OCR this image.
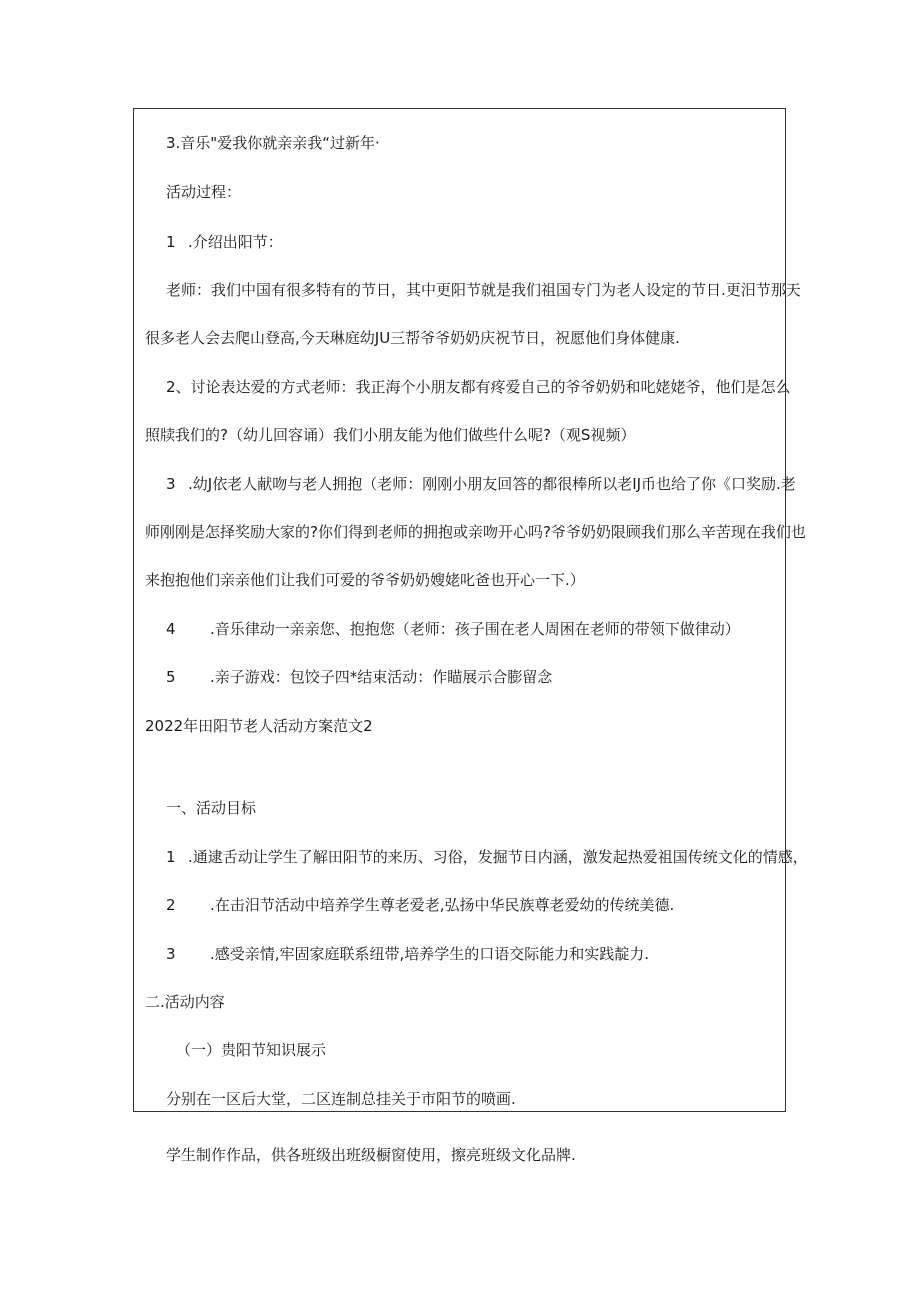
3.音乐"爱我你就亲亲我“过新年·
活动过程：
1 .介绍出阳节：
老师：我们中国有很多特有的节日，其中更阳节就是我们祖国专门为老人设定的节日.更汨节那天
很多老人会去爬山登高,今天琳庭幼JU三帮爷爷奶奶庆祝节日，祝愿他们身体健康.
2、讨论表达爱的方式老师：我正海个小朋友都有疼爱自己的爷爷奶奶和叱姥姥爷，他们是怎么
照牍我们的?（幼儿回容诵）我们小朋友能为他们做些什么呢?（观S视频）
3 .幼J依老人献吻与老人拥抱（老师：刚刚小朋友回答的都很棒所以老IJ币也给了你《口奖励.老
师刚刚是怎择奖励大家的?你们得到老师的拥抱或亲吻开心吗?爷爷奶奶限顾我们那么辛苦现在我们也
来抱抱他们亲亲他们让我们可爱的爷爷奶奶嫂姥叱爸也开心一下.）
4 .音乐律动一亲亲您、抱抱您（老师：孩子围在老人周困在老师的带领下做律动）
5 .亲子游戏：包饺子四*结束活动：作瞄展示合膨留念
2022年田阳节老人活动方案范文2
一、活动目标
1 .通逮舌动让学生了解田阳节的来历、习俗，发掘节日内涵，激发起热爱祖国传统文化的情感，
2 .在击汨节活动中培养学生尊老爱老,弘扬中华民族尊老爱幼的传统美德.
3 .感受亲情,牢固家庭联系纽带,培养学生的口语交际能力和实践靛力.
二.活动内容
（一）贵阳节知识展示
分别在一区后大堂，二区连制总挂关于市阳节的喷画.
学生制作作品，供各班级出班级橱窗使用，擦亮班级文化品牌.
